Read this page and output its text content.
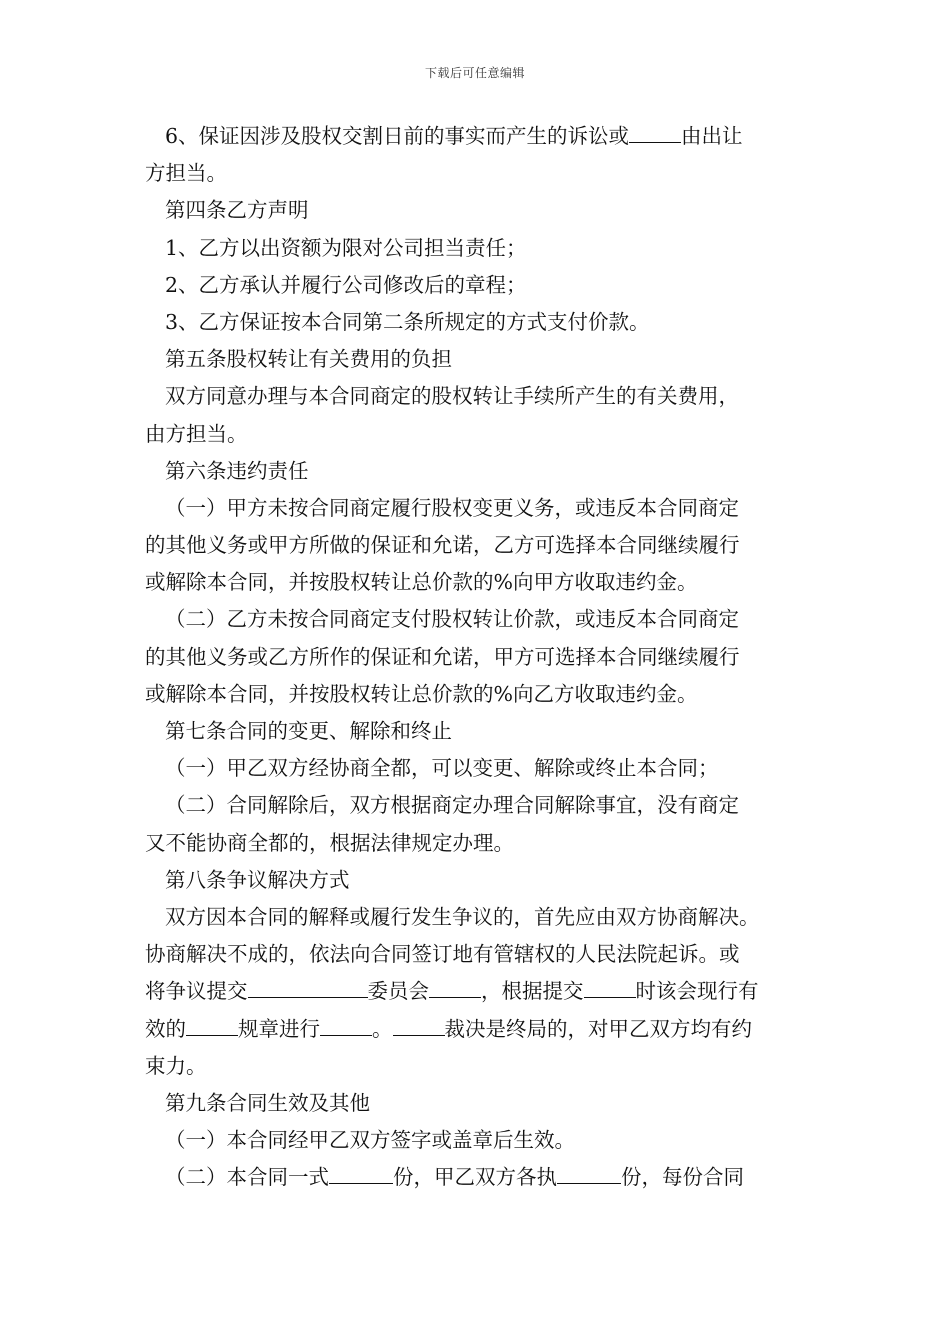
下载后可任意编辑
6、保证因涉及股权交割日前的事实而产生的诉讼或	由出让
方担当。
第四条乙方声明
1、乙方以出资额为限对公司担当责任；
2、乙方承认并履行公司修改后的章程；
3、乙方保证按本合同第二条所规定的方式支付价款。
第五条股权转让有关费用的负担
双方同意办理与本合同商定的股权转让手续所产生的有关费用，
由方担当。
第六条违约责任
（一）甲方未按合同商定履行股权变更义务，或违反本合同商定
的其他义务或甲方所做的保证和允诺，乙方可选择本合同继续履行
或解除本合同，并按股权转让总价款的%向甲方收取违约金。
（二）乙方未按合同商定支付股权转让价款，或违反本合同商定
的其他义务或乙方所作的保证和允诺，甲方可选择本合同继续履行
或解除本合同，并按股权转让总价款的%向乙方收取违约金。
第七条合同的变更、解除和终止
（一）甲乙双方经协商全都，可以变更、解除或终止本合同；
（二）合同解除后，双方根据商定办理合同解除事宜，没有商定
又不能协商全都的，根据法律规定办理。
第八条争议解决方式
双方因本合同的解释或履行发生争议的，首先应由双方协商解决。
协商解决不成的，依法向合同签订地有管辖权的人民法院起诉。或
将争议提交	委员会	，根据提交	时该会现行有
效的	规章进行	。	裁决是终局的，对甲乙双方均有约
束力。
第九条合同生效及其他
（一）本合同经甲乙双方签字或盖章后生效。
（二）本合同一式	份，甲乙双方各执	份，每份合同
